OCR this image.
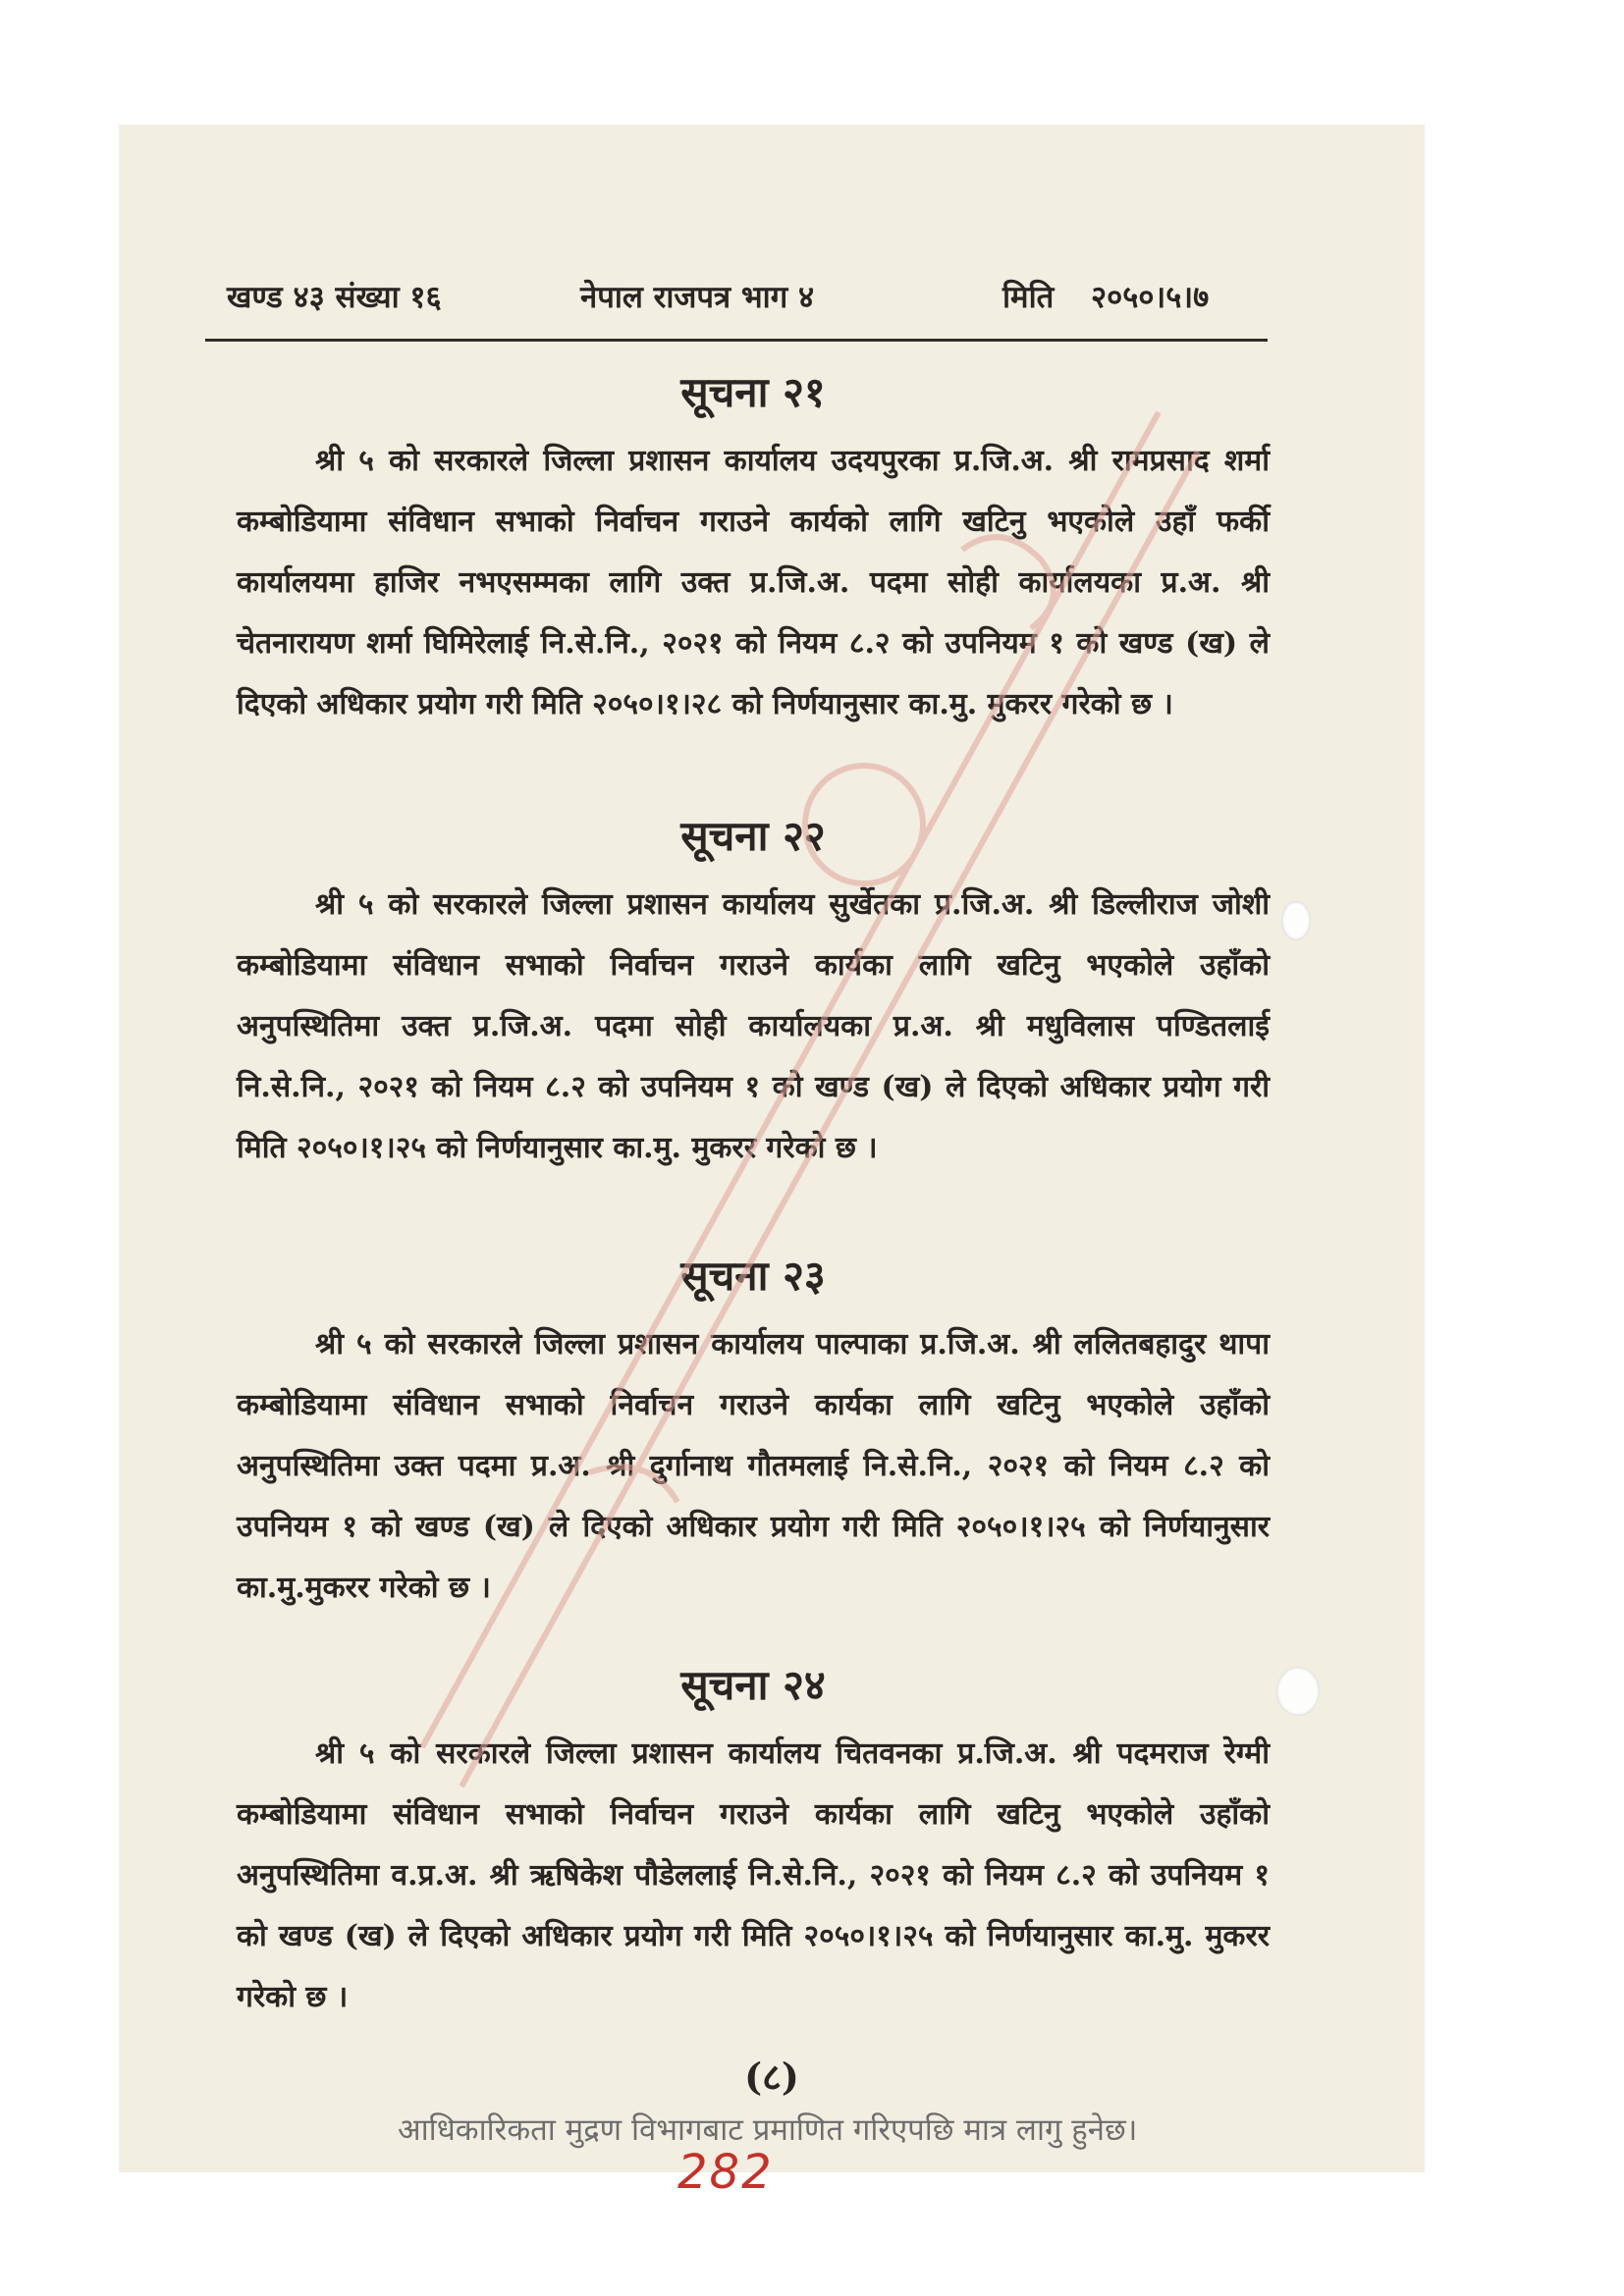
खण्ड ४३ संख्या १६	नेपाल राजपत्र भाग ४	मिति २०५०।५।७
सूचना २१

श्री ५ को सरकारले जिल्ला प्रशासन कार्यालय उदयपुरका प्र.जि.अ. श्री रामप्रसाद शर्मा कम्बोडियामा संविधान सभाको निर्वाचन गराउने कार्यको लागि खटिनु भएकोले उहाँ फर्की कार्यालयमा हाजिर नभएसम्मका लागि उक्त प्र.जि.अ. पदमा सोही कार्यालयका प्र.अ. श्री चेतनारायण शर्मा घिमिरेलाई नि.से.नि., २०२१ को नियम ८.२ को उपनियम १ को खण्ड (ख) ले दिएको अधिकार प्रयोग गरी मिति २०५०।१।२८ को निर्णयानुसार का.मु. मुकरर गरेको छ ।

सूचना २२

श्री ५ को सरकारले जिल्ला प्रशासन कार्यालय सुर्खेतका प्र.जि.अ. श्री डिल्लीराज जोशी कम्बोडियामा संविधान सभाको निर्वाचन गराउने कार्यका लागि खटिनु भएकोले उहाँको अनुपस्थितिमा उक्त प्र.जि.अ. पदमा सोही कार्यालयका प्र.अ. श्री मधुविलास पण्डितलाई नि.से.नि., २०२१ को नियम ८.२ को उपनियम १ को खण्ड (ख) ले दिएको अधिकार प्रयोग गरी मिति २०५०।१।२५ को निर्णयानुसार का.मु. मुकरर गरेको छ ।

सूचना २३

श्री ५ को सरकारले जिल्ला प्रशासन कार्यालय पाल्पाका प्र.जि.अ. श्री ललितबहादुर थापा कम्बोडियामा संविधान सभाको निर्वाचन गराउने कार्यका लागि खटिनु भएकोले उहाँको अनुपस्थितिमा उक्त पदमा प्र.अ. श्री दुर्गानाथ गौतमलाई नि.से.नि., २०२१ को नियम ८.२ को उपनियम १ को खण्ड (ख) ले दिएको अधिकार प्रयोग गरी मिति २०५०।१।२५ को निर्णयानुसार का.मु.मुकरर गरेको छ ।

सूचना २४

श्री ५ को सरकारले जिल्ला प्रशासन कार्यालय चितवनका प्र.जि.अ. श्री पदमराज रेग्मी कम्बोडियामा संविधान सभाको निर्वाचन गराउने कार्यका लागि खटिनु भएकोले उहाँको अनुपस्थितिमा व.प्र.अ. श्री ऋषिकेश पौडेललाई नि.से.नि., २०२१ को नियम ८.२ को उपनियम १ को खण्ड (ख) ले दिएको अधिकार प्रयोग गरी मिति २०५०।१।२५ को निर्णयानुसार का.मु. मुकरर गरेको छ ।

(८)
आधिकारिकता मुद्रण विभागबाट प्रमाणित गरिएपछि मात्र लागु हुनेछ।
282
